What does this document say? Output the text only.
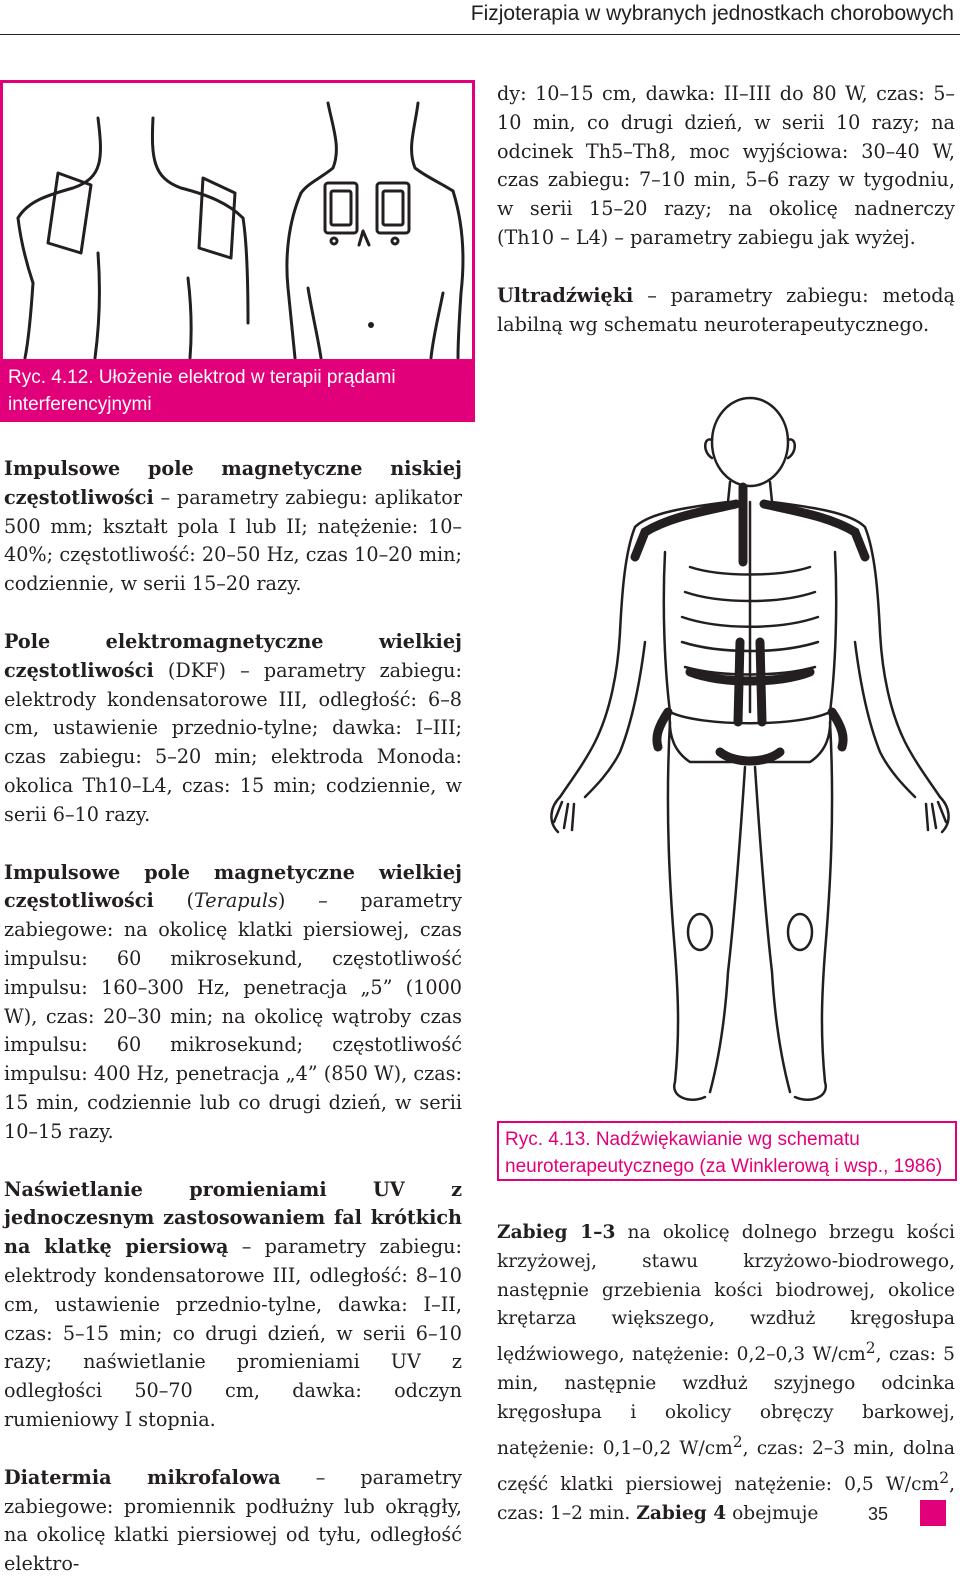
Fizjoterapia w wybranych jednostkach chorobowych
Ryc. 4.12. Ułożenie elektrod w terapii prądami interferencyjnymi

Impulsowe pole magnetyczne niskiej częstotliwości – parametry zabiegu: aplikator 500 mm; kształt pola I lub II; natężenie: 10–40%; częstotliwość: 20–50 Hz, czas 10–20 min; codziennie, w serii 15–20 razy.

Pole elektromagnetyczne wielkiej częstotliwości (DKF) – parametry zabiegu: elektrody kondensatorowe III, odległość: 6–8 cm, ustawienie przednio-tylne; dawka: I–III; czas zabiegu: 5–20 min; elektroda Monoda: okolica Th10–L4, czas: 15 min; codziennie, w serii 6–10 razy.

Impulsowe pole magnetyczne wielkiej częstotliwości (Terapuls) – parametry zabiegowe: na okolicę klatki piersiowej, czas impulsu: 60 mikrosekund, częstotliwość impulsu: 160–300 Hz, penetracja „5” (1000 W), czas: 20–30 min; na okolicę wątroby czas impulsu: 60 mikrosekund; częstotliwość impulsu: 400 Hz, penetracja „4” (850 W), czas: 15 min, codziennie lub co drugi dzień, w serii 10–15 razy.

Naświetlanie promieniami UV z jednoczesnym zastosowaniem fal krótkich na klatkę piersiową – parametry zabiegu: elektrody kondensatorowe III, odległość: 8–10 cm, ustawienie przednio-tylne, dawka: I–II, czas: 5–15 min; co drugi dzień, w serii 6–10 razy; naświetlanie promieniami UV z odległości 50–70 cm, dawka: odczyn rumieniowy I stopnia.

Diatermia mikrofalowa – parametry zabiegowe: promiennik podłużny lub okrągły, na okolicę klatki piersiowej od tyłu, odległość elektro-

dy: 10–15 cm, dawka: II–III do 80 W, czas: 5–10 min, co drugi dzień, w serii 10 razy; na odcinek Th5–Th8, moc wyjściowa: 30–40 W, czas zabiegu: 7–10 min, 5–6 razy w tygodniu, w serii 15–20 razy; na okolicę nadnerczy (Th10 – L4) – parametry zabiegu jak wyżej.

Ultradźwięki – parametry zabiegu: metodą labilną wg schematu neuroterapeutycznego.

Ryc. 4.13. Nadźwiękawianie wg schematu neuroterapeutycznego (za Winklerową i wsp., 1986)

Zabieg 1–3 na okolicę dolnego brzegu kości krzyżowej, stawu krzyżowo-biodrowego, następnie grzebienia kości biodrowej, okolice krętarza większego, wzdłuż kręgosłupa lędźwiowego, natężenie: 0,2–0,3 $W/cm^2$, czas: 5 min, następnie wzdłuż szyjnego odcinka kręgosłupa i okolicy obręczy barkowej, natężenie: 0,1–0,2 $W/cm^2$, czas: 2–3 min, dolna część klatki piersiowej natężenie: 0,5 $W/cm^2$, czas: 1–2 min. Zabieg 4 obejmuje	35
